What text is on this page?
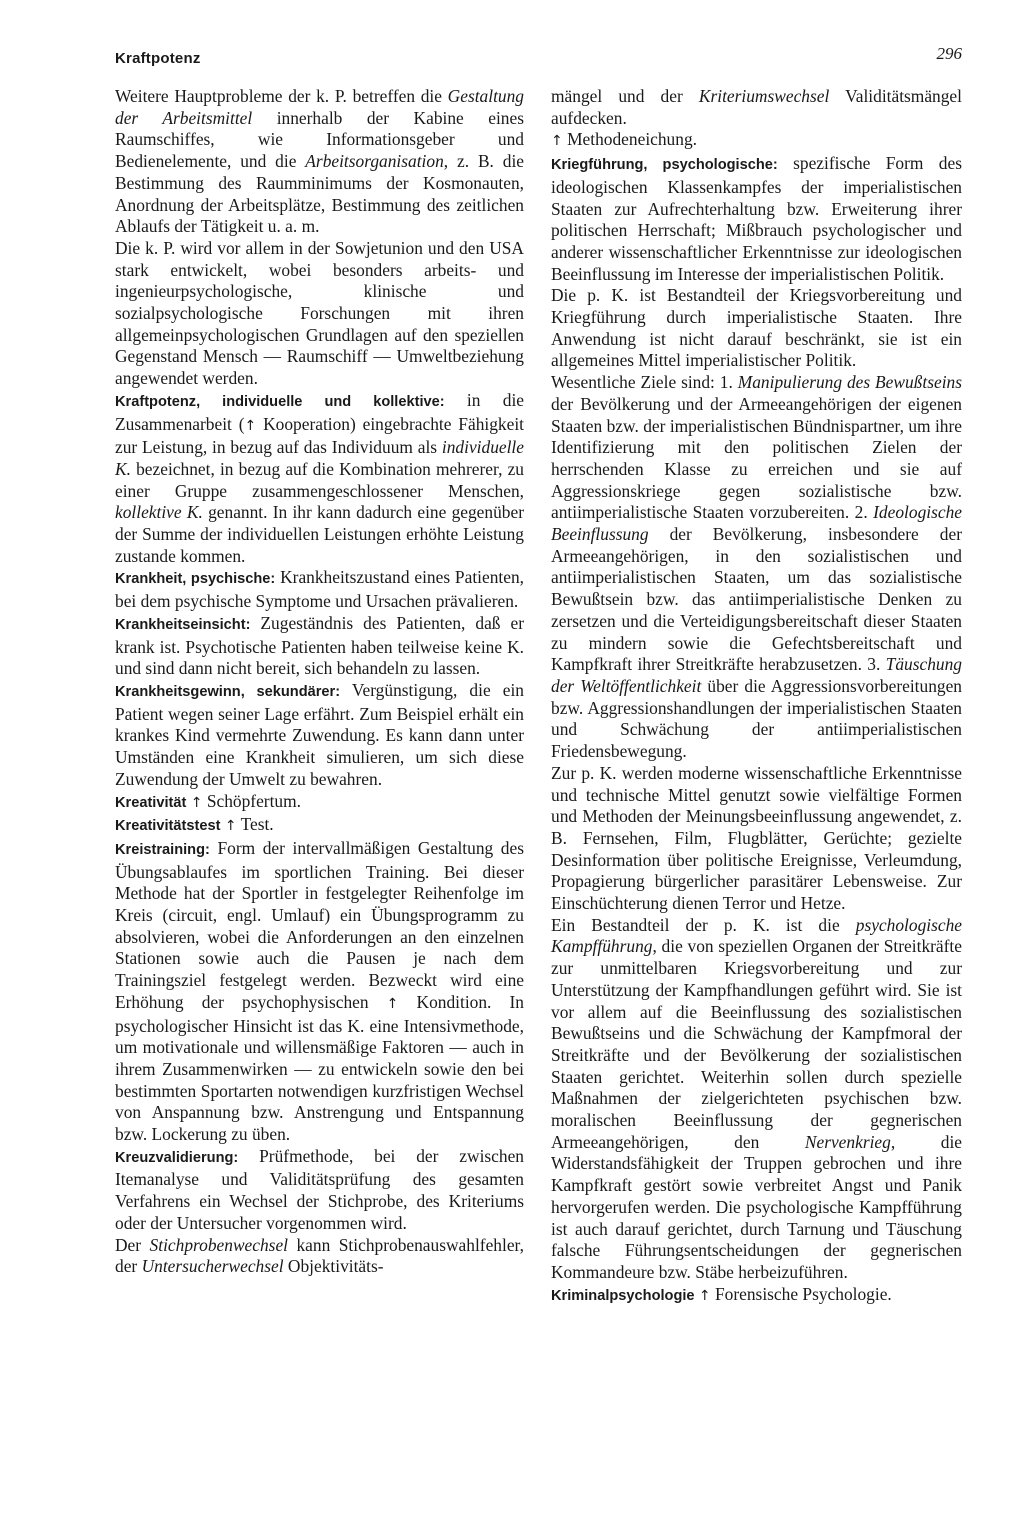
Kraftpotenz	296

Weitere Hauptprobleme der k. P. betreffen die Gestaltung der Arbeitsmittel innerhalb der Kabine eines Raumschiffes, wie Informationsgeber und Bedienelemente, und die Arbeitsorganisation, z. B. die Bestimmung des Raumminimums der Kosmonauten, Anordnung der Arbeitsplätze, Bestimmung des zeitlichen Ablaufs der Tätigkeit u. a. m.

Die k. P. wird vor allem in der Sowjetunion und den USA stark entwickelt, wobei besonders arbeits- und ingenieurpsychologische, klinische und sozialpsychologische Forschungen mit ihren allgemeinpsychologischen Grundlagen auf den speziellen Gegenstand Mensch — Raumschiff — Umweltbeziehung angewendet werden.

Kraftpotenz, individuelle und kollektive: in die Zusammenarbeit (↑ Kooperation) eingebrachte Fähigkeit zur Leistung, in bezug auf das Individuum als individuelle K. bezeichnet, in bezug auf die Kombination mehrerer, zu einer Gruppe zusammengeschlossener Menschen, kollektive K. genannt. In ihr kann dadurch eine gegenüber der Summe der individuellen Leistungen erhöhte Leistung zustande kommen.

Krankheit, psychische: Krankheitszustand eines Patienten, bei dem psychische Symptome und Ursachen prävalieren.

Krankheitseinsicht: Zugeständnis des Patienten, daß er krank ist. Psychotische Patienten haben teilweise keine K. und sind dann nicht bereit, sich behandeln zu lassen.

Krankheitsgewinn, sekundärer: Vergünstigung, die ein Patient wegen seiner Lage erfährt. Zum Beispiel erhält ein krankes Kind vermehrte Zuwendung. Es kann dann unter Umständen eine Krankheit simulieren, um sich diese Zuwendung der Umwelt zu bewahren.

Kreativität ↑ Schöpfertum.

Kreativitätstest ↑ Test.

Kreistraining: Form der intervallmäßigen Gestaltung des Übungsablaufes im sportlichen Training. Bei dieser Methode hat der Sportler in festgelegter Reihenfolge im Kreis (circuit, engl. Umlauf) ein Übungsprogramm zu absolvieren, wobei die Anforderungen an den einzelnen Stationen sowie auch die Pausen je nach dem Trainingsziel festgelegt werden. Bezweckt wird eine Erhöhung der psychophysischen ↑ Kondition. In psychologischer Hinsicht ist das K. eine Intensivmethode, um motivationale und willensmäßige Faktoren — auch in ihrem Zusammenwirken — zu entwickeln sowie den bei bestimmten Sportarten notwendigen kurzfristigen Wechsel von Anspannung bzw. Anstrengung und Entspannung bzw. Lockerung zu üben.

Kreuzvalidierung: Prüfmethode, bei der zwischen Itemanalyse und Validitätsprüfung des gesamten Verfahrens ein Wechsel der Stichprobe, des Kriteriums oder der Untersucher vorgenommen wird.

Der Stichprobenwechsel kann Stichprobenauswahlfehler, der Untersucherwechsel Objektivitäts-

mängel und der Kriteriumswechsel Validitätsmängel aufdecken.

↑ Methodeneichung.

Kriegführung, psychologische: spezifische Form des ideologischen Klassenkampfes der imperialistischen Staaten zur Aufrechterhaltung bzw. Erweiterung ihrer politischen Herrschaft; Mißbrauch psychologischer und anderer wissenschaftlicher Erkenntnisse zur ideologischen Beeinflussung im Interesse der imperialistischen Politik.

Die p. K. ist Bestandteil der Kriegsvorbereitung und Kriegführung durch imperialistische Staaten. Ihre Anwendung ist nicht darauf beschränkt, sie ist ein allgemeines Mittel imperialistischer Politik.

Wesentliche Ziele sind: 1. Manipulierung des Bewußtseins der Bevölkerung und der Armeeangehörigen der eigenen Staaten bzw. der imperialistischen Bündnispartner, um ihre Identifizierung mit den politischen Zielen der herrschenden Klasse zu erreichen und sie auf Aggressionskriege gegen sozialistische bzw. antiimperialistische Staaten vorzubereiten. 2. Ideologische Beeinflussung der Bevölkerung, insbesondere der Armeeangehörigen, in den sozialistischen und antiimperialistischen Staaten, um das sozialistische Bewußtsein bzw. das antiimperialistische Denken zu zersetzen und die Verteidigungsbereitschaft dieser Staaten zu mindern sowie die Gefechtsbereitschaft und Kampfkraft ihrer Streitkräfte herabzusetzen. 3. Täuschung der Weltöffentlichkeit über die Aggressionsvorbereitungen bzw. Aggressionshandlungen der imperialistischen Staaten und Schwächung der antiimperialistischen Friedensbewegung.

Zur p. K. werden moderne wissenschaftliche Erkenntnisse und technische Mittel genutzt sowie vielfältige Formen und Methoden der Meinungsbeeinflussung angewendet, z. B. Fernsehen, Film, Flugblätter, Gerüchte; gezielte Desinformation über politische Ereignisse, Verleumdung, Propagierung bürgerlicher parasitärer Lebensweise. Zur Einschüchterung dienen Terror und Hetze.

Ein Bestandteil der p. K. ist die psychologische Kampfführung, die von speziellen Organen der Streitkräfte zur unmittelbaren Kriegsvorbereitung und zur Unterstützung der Kampfhandlungen geführt wird. Sie ist vor allem auf die Beeinflussung des sozialistischen Bewußtseins und die Schwächung der Kampfmoral der Streitkräfte und der Bevölkerung der sozialistischen Staaten gerichtet. Weiterhin sollen durch spezielle Maßnahmen der zielgerichteten psychischen bzw. moralischen Beeinflussung der gegnerischen Armeeangehörigen, den Nervenkrieg, die Widerstandsfähigkeit der Truppen gebrochen und ihre Kampfkraft gestört sowie verbreitet Angst und Panik hervorgerufen werden. Die psychologische Kampfführung ist auch darauf gerichtet, durch Tarnung und Täuschung falsche Führungsentscheidungen der gegnerischen Kommandeure bzw. Stäbe herbeizuführen.

Kriminalpsychologie ↑ Forensische Psychologie.
